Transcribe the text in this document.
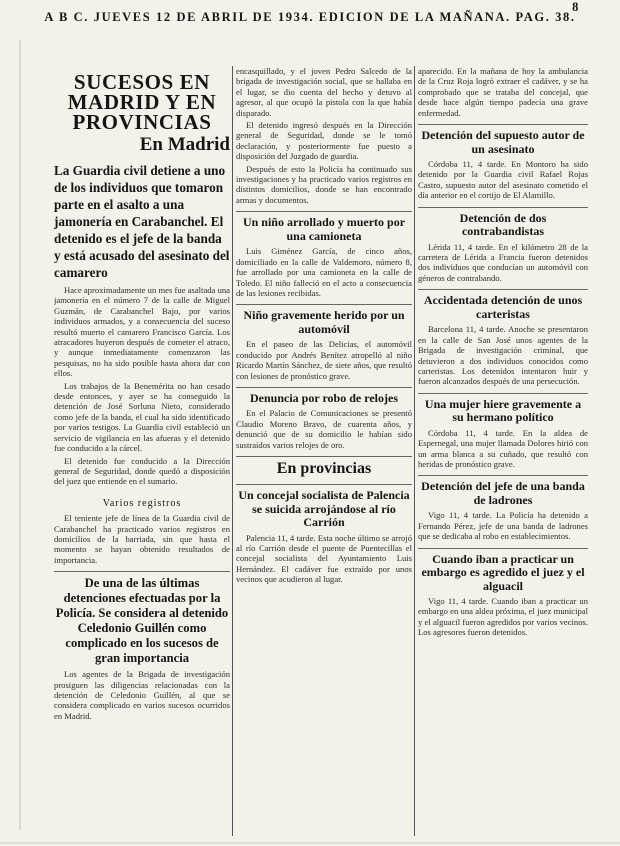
A B C. JUEVES 12 DE ABRIL DE 1934. EDICION DE LA MAÑANA. PAG. 38.
8
SUCESOS EN MADRID Y EN PROVINCIAS
En Madrid
La Guardia civil detiene a uno de los individuos que tomaron parte en el asalto a una jamonería en Carabanchel. El detenido es el jefe de la banda y está acusado del asesinato del camarero

Hace aproximadamente un mes fue asaltada una jamonería en el número 7 de la calle de Miguel Guzmán, de Carabanchel Bajo, por varios individuos armados, y a consecuencia del suceso resultó muerto el camarero Francisco García. Los atracadores huyeron después de cometer el atraco, y aunque inmediatamente comenzaron las pesquisas, no ha sido posible hasta ahora dar con ellos.

Los trabajos de la Benemérita no han cesado desde entonces, y ayer se ha conseguido la detención de José Sorluna Nieto, considerado como jefe de la banda, el cual ha sido identificado por varios testigos. La Guardia civil estableció un servicio de vigilancia en las afueras y el detenido fue conducido a la cárcel.

El detenido fue conducido a la Dirección general de Seguridad, donde quedó a disposición del juez que entiende en el sumario.

Varios registros

El teniente jefe de línea de la Guardia civil de Carabanchel ha practicado varios registros en domicilios de la barriada, sin que hasta el momento se hayan obtenido resultados de importancia.

De una de las últimas detenciones efectuadas por la Policía. Se considera al detenido Celedonio Guillén como complicado en los sucesos de gran importancia

Los agentes de la Brigada de investigación prosiguen las diligencias relacionadas con la detención de Celedonio Guillén, al que se considera complicado en varios sucesos ocurridos en Madrid.

encasquillado, y el joven Pedro Salcedo de la brigada de investigación social, que se hallaba en el lugar, se dio cuenta del hecho y detuvo al agresor, al que ocupó la pistola con la que había disparado.

El detenido ingresó después en la Dirección general de Seguridad, donde se le tomó declaración, y posteriormente fue puesto a disposición del Juzgado de guardia.

Después de esto la Policía ha continuado sus investigaciones y ha practicado varios registros en distintos domicilios, donde se han encontrado armas y documentos.

Un niño arrollado y muerto por una camioneta

Luis Giménez García, de cinco años, domiciliado en la calle de Valdemoro, número 8, fue arrollado por una camioneta en la calle de Toledo. El niño falleció en el acto a consecuencia de las lesiones recibidas.

Niño gravemente herido por un automóvil

En el paseo de las Delicias, el automóvil conducido por Andrés Benítez atropelló al niño Ricardo Martín Sánchez, de siete años, que resultó con lesiones de pronóstico grave.

Denuncia por robo de relojes

En el Palacio de Comunicaciones se presentó Claudio Moreno Bravo, de cuarenta años, y denunció que de su domicilio le habían sido sustraídos varios relojes de oro.

En provincias
Un concejal socialista de Palencia se suicida arrojándose al río Carrión

Palencia 11, 4 tarde. Esta noche último se arrojó al río Carrión desde el puente de Puentecillas el concejal socialista del Ayuntamiento Luis Hernández. El cadáver fue extraído por unos vecinos que acudieron al lugar.

aparecido. En la mañana de hoy la ambulancia de la Cruz Roja logró extraer el cadáver, y se ha comprobado que se trataba del concejal, que desde hace algún tiempo padecía una grave enfermedad.

Detención del supuesto autor de un asesinato

Córdoba 11, 4 tarde. En Montoro ha sido detenido por la Guardia civil Rafael Rojas Castro, supuesto autor del asesinato cometido el día anterior en el cortijo de El Alamillo.

Detención de dos contrabandistas

Lérida 11, 4 tarde. En el kilómetro 28 de la carretera de Lérida a Francia fueron detenidos dos individuos que conducían un automóvil con géneros de contrabando.

Accidentada detención de unos carteristas

Barcelona 11, 4 tarde. Anoche se presentaron en la calle de San José unos agentes de la Brigada de investigación criminal, que detuvieron a dos individuos conocidos como carteristas. Los detenidos intentaron huir y fueron alcanzados después de una persecución.

Una mujer hiere gravemente a su hermano político

Córdoba 11, 4 tarde. En la aldea de Espernegal, una mujer llamada Dolores hirió con un arma blanca a su cuñado, que resultó con heridas de pronóstico grave.

Detención del jefe de una banda de ladrones

Vigo 11, 4 tarde. La Policía ha detenido a Fernando Pérez, jefe de una banda de ladrones que se dedicaba al robo en establecimientos.

Cuando iban a practicar un embargo es agredido el juez y el alguacil

Vigo 11, 4 tarde. Cuando iban a practicar un embargo en una aldea próxima, el juez municipal y el alguacil fueron agredidos por varios vecinos. Los agresores fueron detenidos.
